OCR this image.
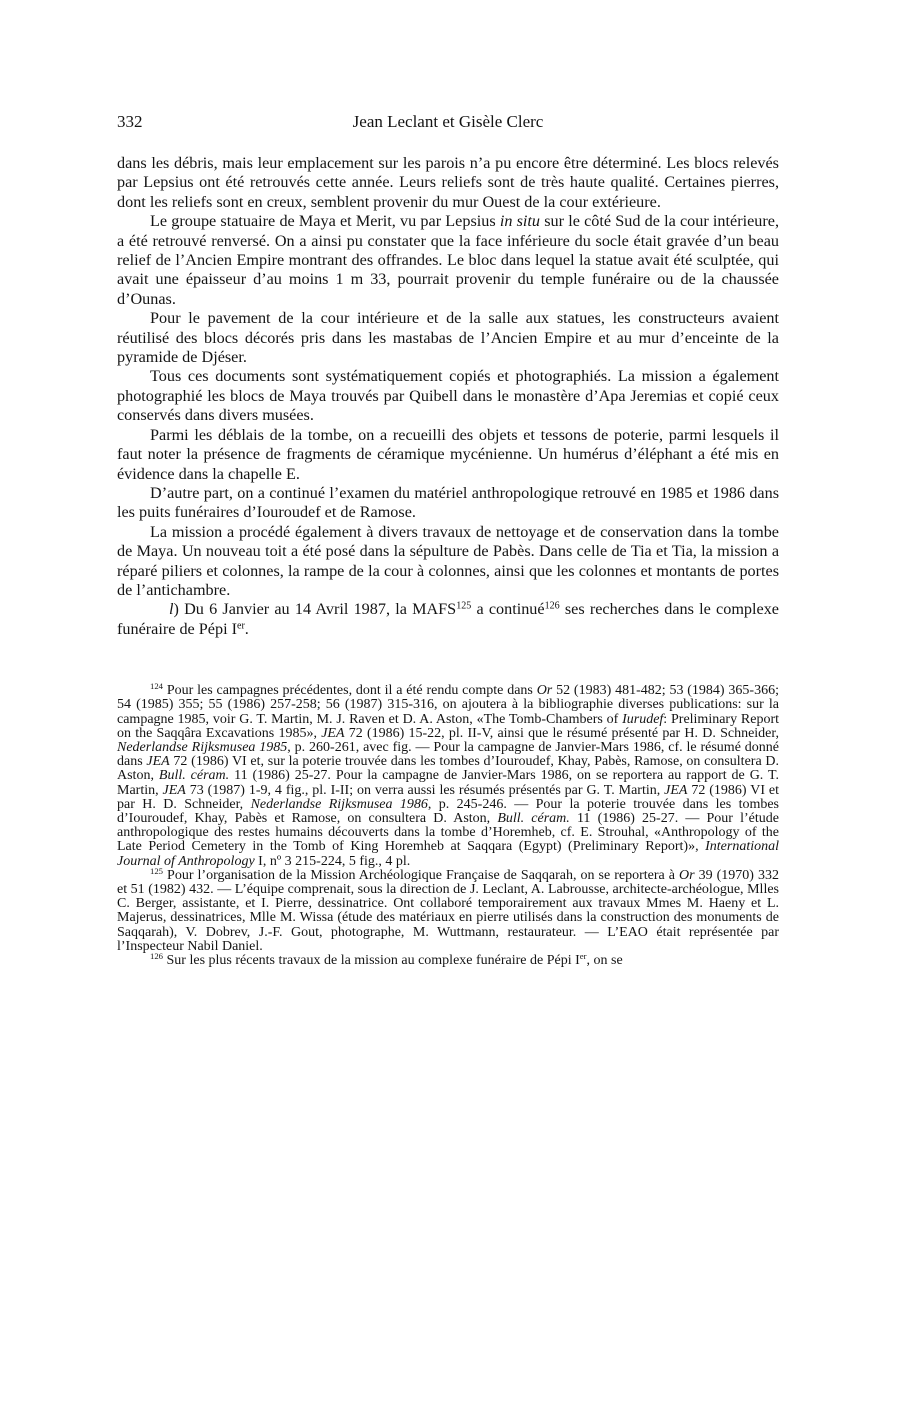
332	Jean Leclant et Gisèle Clerc

dans les débris, mais leur emplacement sur les parois n’a pu encore être déterminé. Les blocs relevés par Lepsius ont été retrouvés cette année. Leurs reliefs sont de très haute qualité. Certaines pierres, dont les reliefs sont en creux, semblent provenir du mur Ouest de la cour extérieure.

Le groupe statuaire de Maya et Merit, vu par Lepsius in situ sur le côté Sud de la cour intérieure, a été retrouvé renversé. On a ainsi pu constater que la face inférieure du socle était gravée d’un beau relief de l’Ancien Empire montrant des offrandes. Le bloc dans lequel la statue avait été sculptée, qui avait une épaisseur d’au moins 1 m 33, pourrait provenir du temple funéraire ou de la chaussée d’Ounas.

Pour le pavement de la cour intérieure et de la salle aux statues, les constructeurs avaient réutilisé des blocs décorés pris dans les mastabas de l’Ancien Empire et au mur d’enceinte de la pyramide de Djéser.

Tous ces documents sont systématiquement copiés et photographiés. La mission a également photographié les blocs de Maya trouvés par Quibell dans le monastère d’Apa Jeremias et copié ceux conservés dans divers musées.

Parmi les déblais de la tombe, on a recueilli des objets et tessons de poterie, parmi lesquels il faut noter la présence de fragments de céramique mycénienne. Un humérus d’éléphant a été mis en évidence dans la chapelle E.

D’autre part, on a continué l’examen du matériel anthropologique retrouvé en 1985 et 1986 dans les puits funéraires d’Iouroudef et de Ramose.

La mission a procédé également à divers travaux de nettoyage et de conservation dans la tombe de Maya. Un nouveau toit a été posé dans la sépulture de Pabès. Dans celle de Tia et Tia, la mission a réparé piliers et colonnes, la rampe de la cour à colonnes, ainsi que les colonnes et montants de portes de l’antichambre.

l) Du 6 Janvier au 14 Avril 1987, la MAFS$^{125}$ a continué$^{126}$ ses recherches dans le complexe funéraire de Pépi Ier.

$^{124}$ Pour les campagnes précédentes, dont il a été rendu compte dans Or 52 (1983) 481-482; 53 (1984) 365-366; 54 (1985) 355; 55 (1986) 257-258; 56 (1987) 315-316, on ajoutera à la bibliographie diverses publications: sur la campagne 1985, voir G. T. Martin, M. J. Raven et D. A. Aston, «The Tomb-Chambers of Iurudef: Preliminary Report on the Saqqâra Excavations 1985», JEA 72 (1986) 15-22, pl. II-V, ainsi que le résumé présenté par H. D. Schneider, Nederlandse Rijksmusea 1985, p. 260-261, avec fig. — Pour la campagne de Janvier-Mars 1986, cf. le résumé donné dans JEA 72 (1986) VI et, sur la poterie trouvée dans les tombes d’Iouroudef, Khay, Pabès, Ramose, on consultera D. Aston, Bull. céram. 11 (1986) 25-27. Pour la campagne de Janvier-Mars 1986, on se reportera au rapport de G. T. Martin, JEA 73 (1987) 1-9, 4 fig., pl. I-II; on verra aussi les résumés présentés par G. T. Martin, JEA 72 (1986) VI et par H. D. Schneider, Nederlandse Rijksmusea 1986, p. 245-246. — Pour la poterie trouvée dans les tombes d’Iouroudef, Khay, Pabès et Ramose, on consultera D. Aston, Bull. céram. 11 (1986) 25-27. — Pour l’étude anthropologique des restes humains découverts dans la tombe d’Horemheb, cf. E. Strouhal, «Anthropology of the Late Period Cemetery in the Tomb of King Horemheb at Saqqara (Egypt) (Preliminary Report)», International Journal of Anthropology I, nº 3 215-224, 5 fig., 4 pl.

$^{125}$ Pour l’organisation de la Mission Archéologique Française de Saqqarah, on se reportera à Or 39 (1970) 332 et 51 (1982) 432. — L’équipe comprenait, sous la direction de J. Leclant, A. Labrousse, architecte-archéologue, Mlles C. Berger, assistante, et I. Pierre, dessinatrice. Ont collaboré temporairement aux travaux Mmes M. Haeny et L. Majerus, dessinatrices, Mlle M. Wissa (étude des matériaux en pierre utilisés dans la construction des monuments de Saqqarah), V. Dobrev, J.-F. Gout, photographe, M. Wuttmann, restaurateur. — L’EAO était représentée par l’Inspecteur Nabil Daniel.

$^{126}$ Sur les plus récents travaux de la mission au complexe funéraire de Pépi Ier, on se
